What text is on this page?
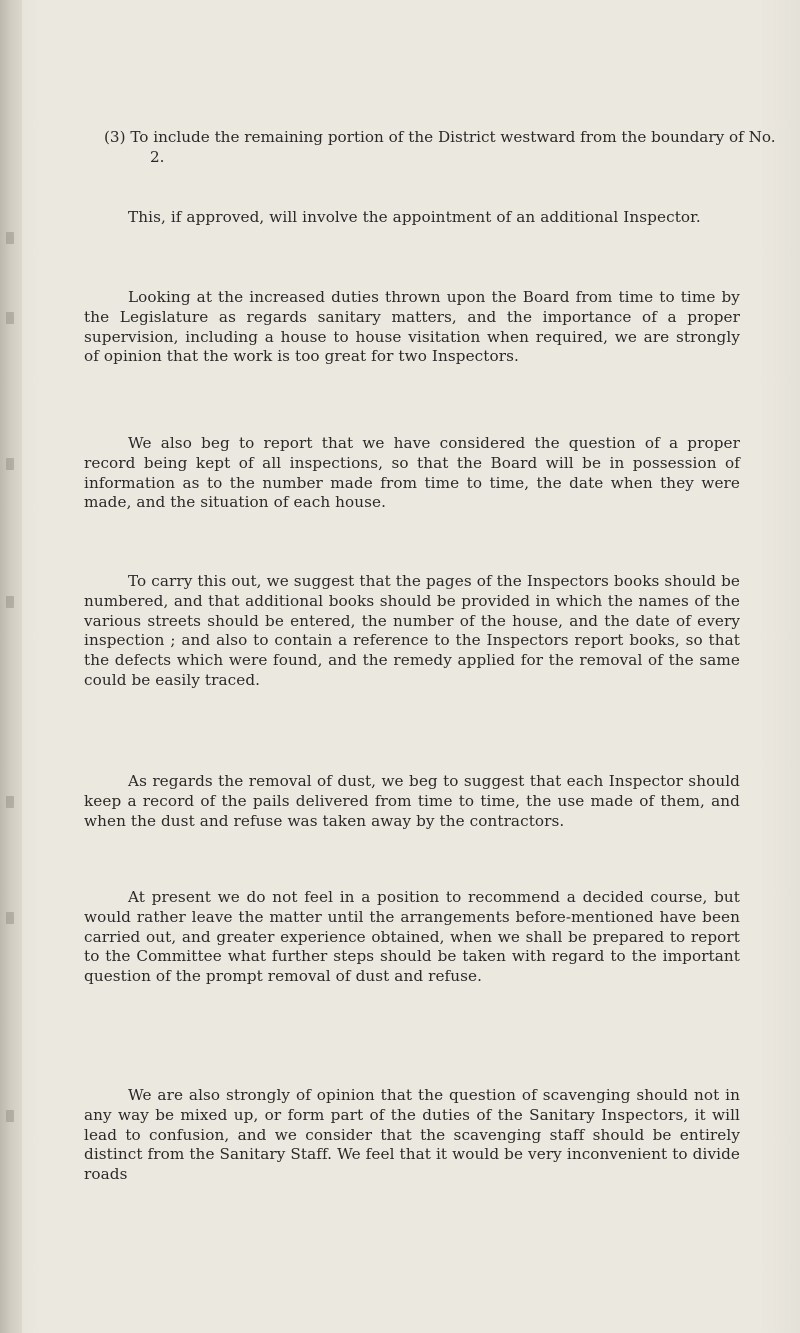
(3) To include the remaining portion of the District westward from the boundary of No. 2.

This, if approved, will involve the appointment of an additional Inspector.

Looking at the increased duties thrown upon the Board from time to time by the Legislature as regards sanitary matters, and the importance of a proper supervision, including a house to house visitation when required, we are strongly of opinion that the work is too great for two Inspectors.

We also beg to report that we have considered the question of a proper record being kept of all inspections, so that the Board will be in possession of information as to the number made from time to time, the date when they were made, and the situation of each house.

To carry this out, we suggest that the pages of the Inspectors books should be numbered, and that additional books should be provided in which the names of the various streets should be entered, the number of the house, and the date of every inspection ; and also to contain a reference to the Inspectors report books, so that the defects which were found, and the remedy applied for the removal of the same could be easily traced.

As regards the removal of dust, we beg to suggest that each Inspector should keep a record of the pails delivered from time to time, the use made of them, and when the dust and refuse was taken away by the contractors.

At present we do not feel in a position to recommend a decided course, but would rather leave the matter until the arrangements before-mentioned have been carried out, and greater experience obtained, when we shall be prepared to report to the Committee what further steps should be taken with regard to the important question of the prompt removal of dust and refuse.

We are also strongly of opinion that the question of scavenging should not in any way be mixed up, or form part of the duties of the Sanitary Inspectors, it will lead to confusion, and we consider that the scavenging staff should be entirely distinct from the Sanitary Staff. We feel that it would be very inconvenient to divide roads
